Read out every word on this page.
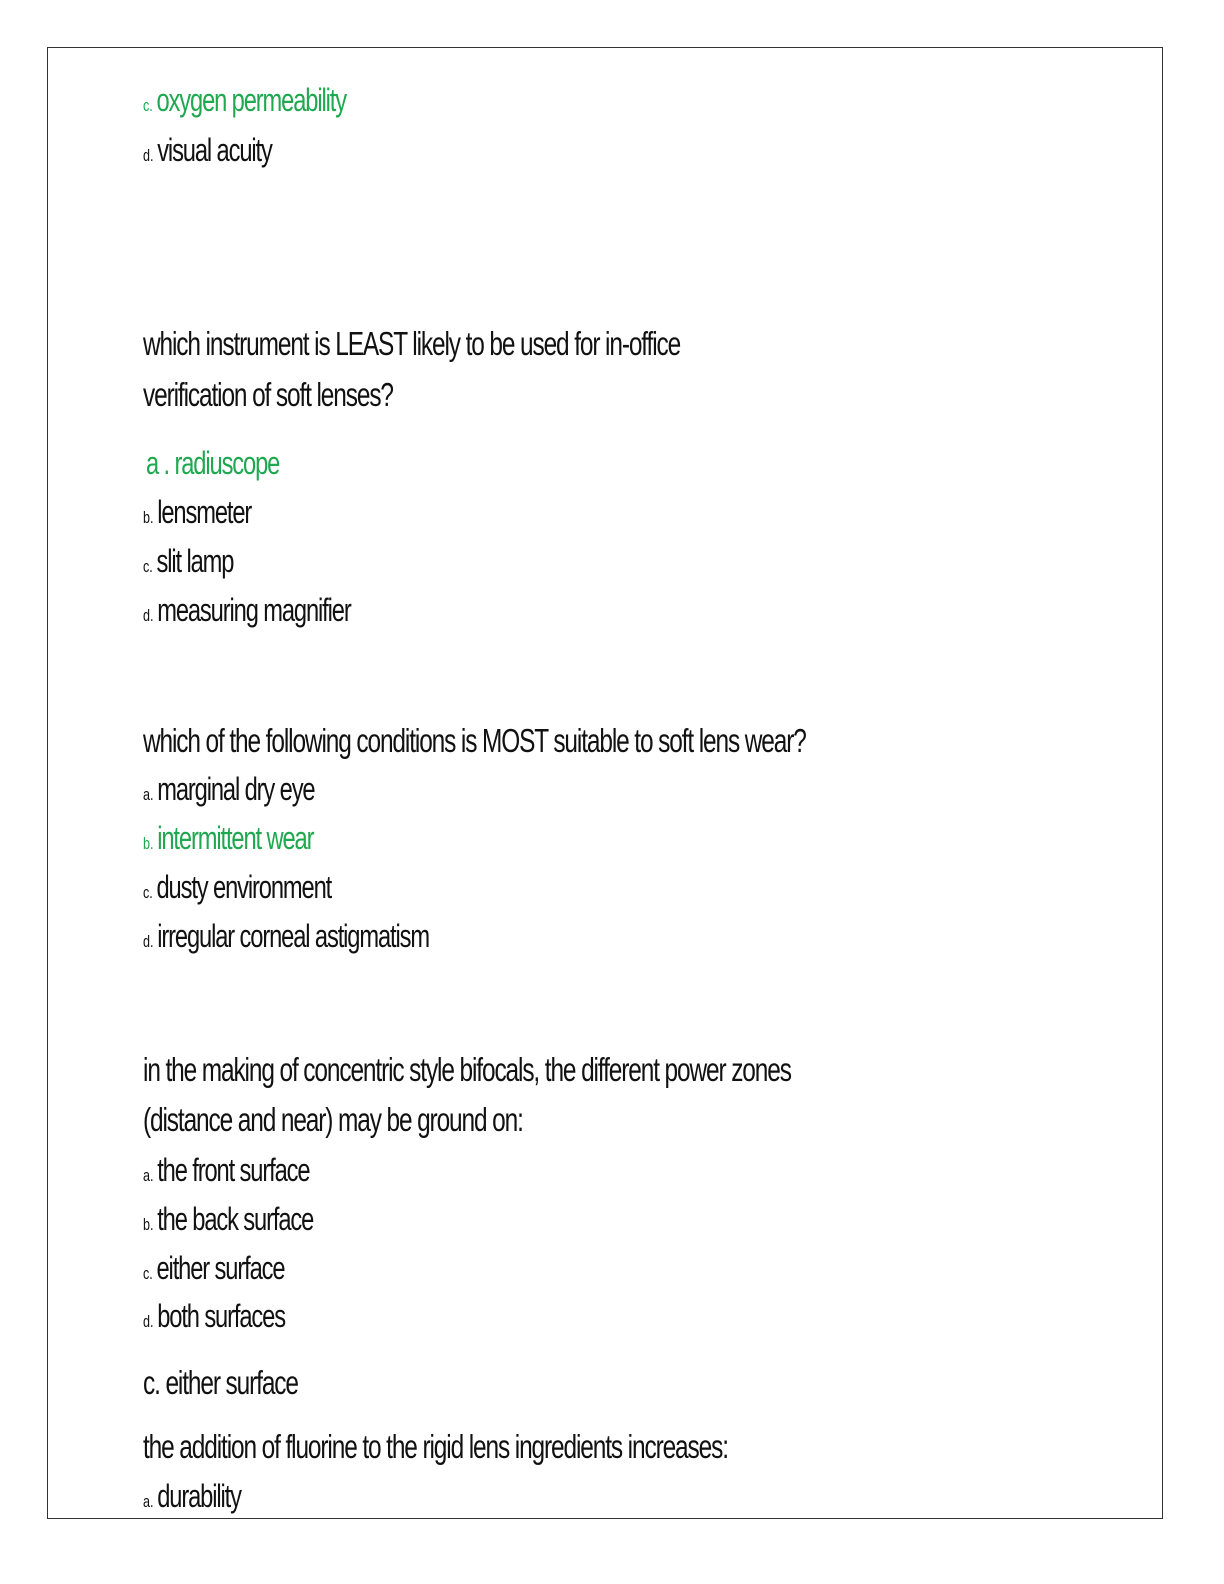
c. oxygen permeability
d. visual acuity
which instrument is LEAST likely to be used for in-office
verification of soft lenses?
a . radiuscope
b. lensmeter
c. slit lamp
d. measuring magnifier
which of the following conditions is MOST suitable to soft lens wear?
a. marginal dry eye
b. intermittent wear
c. dusty environment
d. irregular corneal astigmatism
in the making of concentric style bifocals, the different power zones
(distance and near) may be ground on:
a. the front surface
b. the back surface
c. either surface
d. both surfaces
c. either surface
the addition of fluorine to the rigid lens ingredients increases:
a. durability
